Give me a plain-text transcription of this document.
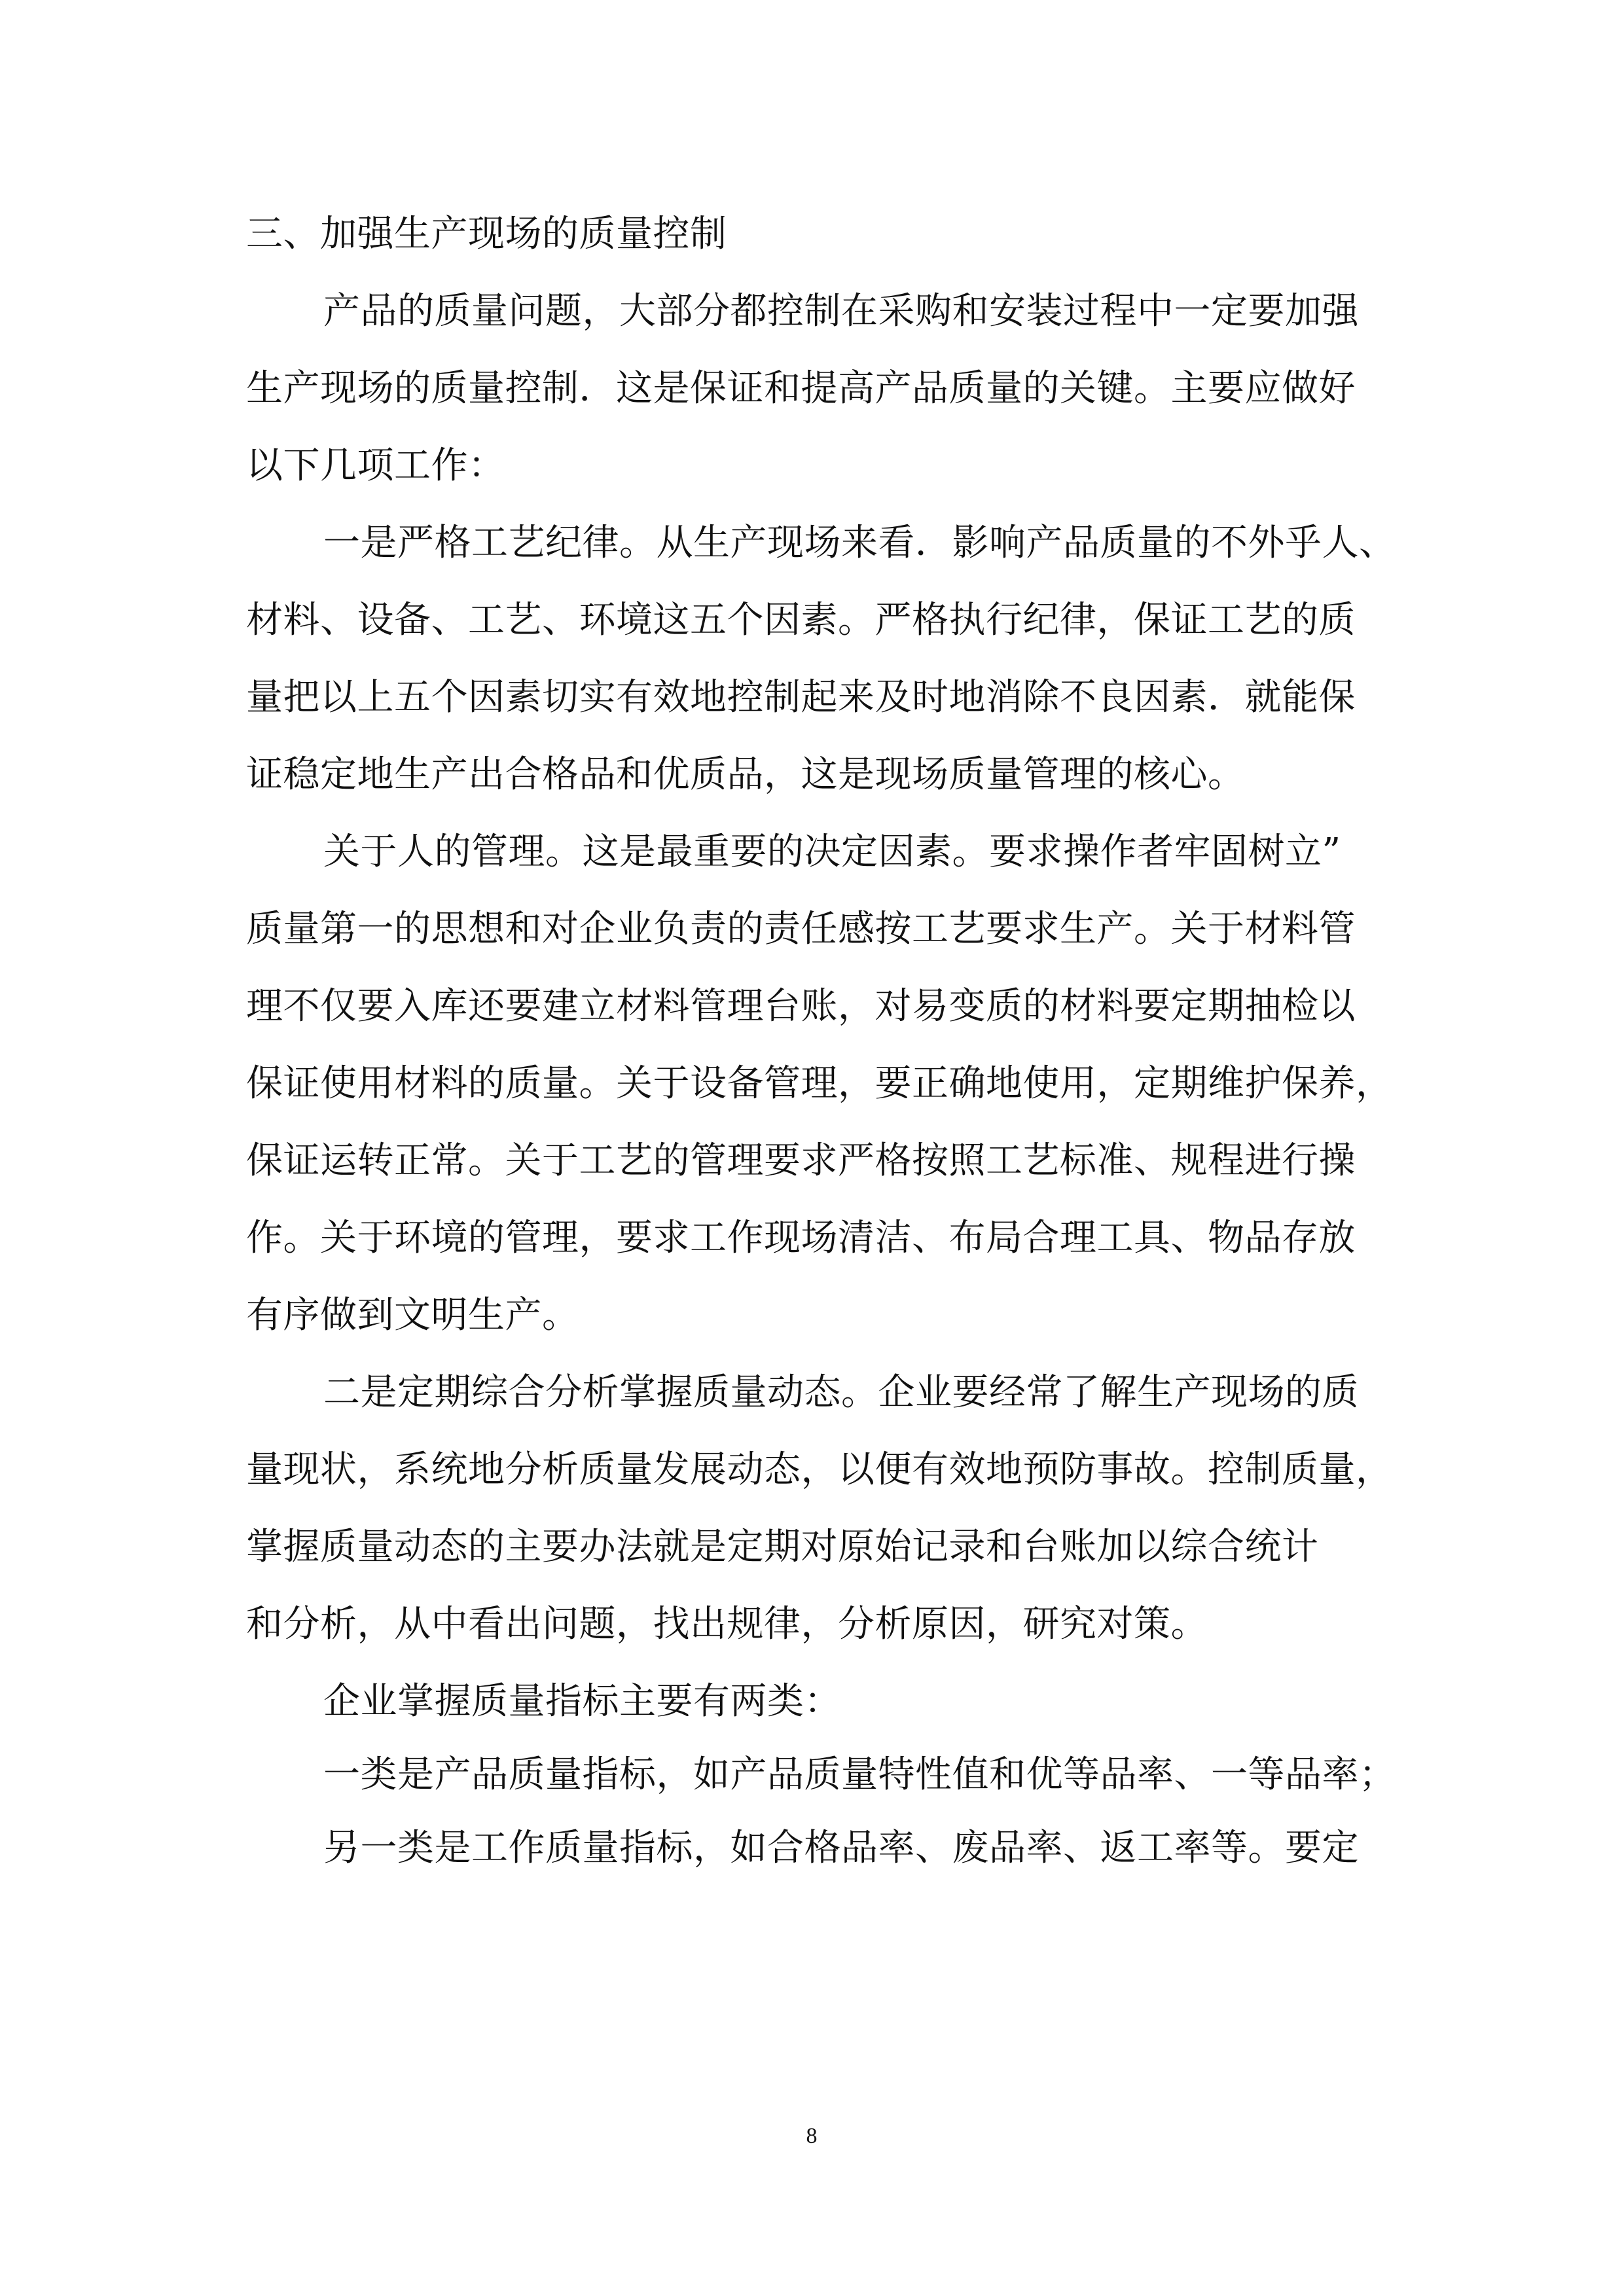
三、加强生产现场的质量控制
产品的质量问题，大部分都控制在采购和安装过程中一定要加强
生产现场的质量控制．这是保证和提高产品质量的关键。主要应做好
以下几项工作：
一是严格工艺纪律。从生产现场来看．影响产品质量的不外乎人、
材料、设备、工艺、环境这五个因素。严格执行纪律，保证工艺的质
量把以上五个因素切实有效地控制起来及时地消除不良因素．就能保
证稳定地生产出合格品和优质品，这是现场质量管理的核心。
关于人的管理。这是最重要的决定因素。要求操作者牢固树立”
质量第一的思想和对企业负责的责任感按工艺要求生产。关于材料管
理不仅要入库还要建立材料管理台账，对易变质的材料要定期抽检以
保证使用材料的质量。关于设备管理，要正确地使用，定期维护保养，
保证运转正常。关于工艺的管理要求严格按照工艺标准、规程进行操
作。关于环境的管理，要求工作现场清洁、布局合理工具、物品存放
有序做到文明生产。
二是定期综合分析掌握质量动态。企业要经常了解生产现场的质
量现状，系统地分析质量发展动态，以便有效地预防事故。控制质量，
掌握质量动态的主要办法就是定期对原始记录和台账加以综合统计
和分析，从中看出问题，找出规律，分析原因，研究对策。
企业掌握质量指标主要有两类：
一类是产品质量指标，如产品质量特性值和优等品率、一等品率；
另一类是工作质量指标，如合格品率、废品率、返工率等。要定
8
